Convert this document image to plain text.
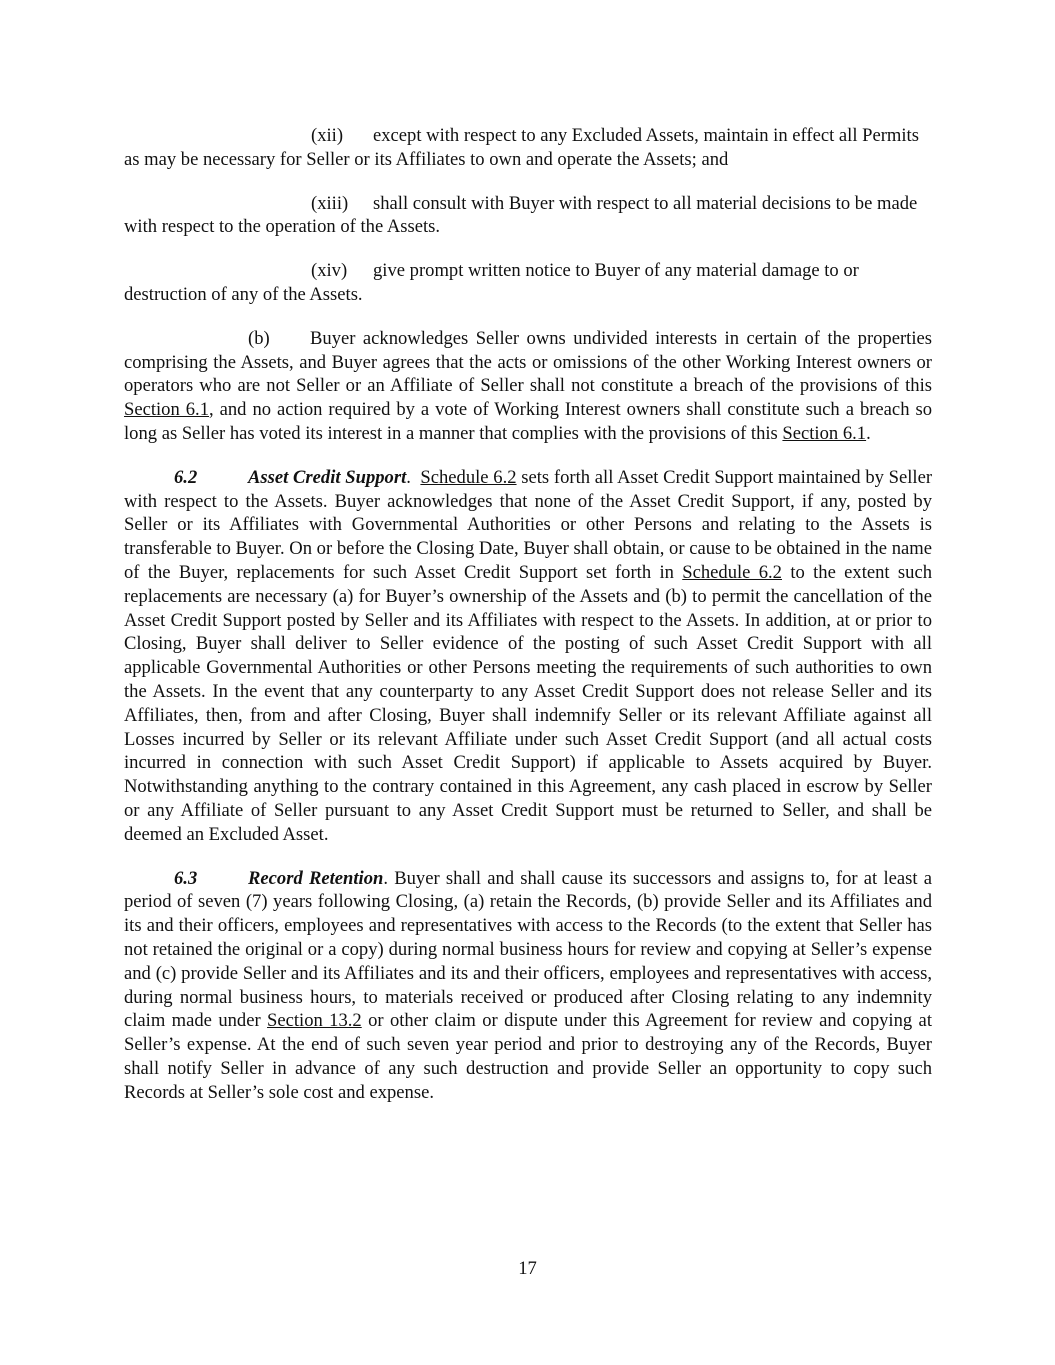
(xii) except with respect to any Excluded Assets, maintain in effect all Permits as may be necessary for Seller or its Affiliates to own and operate the Assets; and

(xiii) shall consult with Buyer with respect to all material decisions to be made with respect to the operation of the Assets.

(xiv) give prompt written notice to Buyer of any material damage to or destruction of any of the Assets.

(b) Buyer acknowledges Seller owns undivided interests in certain of the properties comprising the Assets, and Buyer agrees that the acts or omissions of the other Working Interest owners or operators who are not Seller or an Affiliate of Seller shall not constitute a breach of the provisions of this Section 6.1, and no action required by a vote of Working Interest owners shall constitute such a breach so long as Seller has voted its interest in a manner that complies with the provisions of this Section 6.1.

6.2	Asset Credit Support. Schedule 6.2 sets forth all Asset Credit Support maintained by Seller with respect to the Assets. Buyer acknowledges that none of the Asset Credit Support, if any, posted by Seller or its Affiliates with Governmental Authorities or other Persons and relating to the Assets is transferable to Buyer. On or before the Closing Date, Buyer shall obtain, or cause to be obtained in the name of the Buyer, replacements for such Asset Credit Support set forth in Schedule 6.2 to the extent such replacements are necessary (a) for Buyer’s ownership of the Assets and (b) to permit the cancellation of the Asset Credit Support posted by Seller and its Affiliates with respect to the Assets. In addition, at or prior to Closing, Buyer shall deliver to Seller evidence of the posting of such Asset Credit Support with all applicable Governmental Authorities or other Persons meeting the requirements of such authorities to own the Assets. In the event that any counterparty to any Asset Credit Support does not release Seller and its Affiliates, then, from and after Closing, Buyer shall indemnify Seller or its relevant Affiliate against all Losses incurred by Seller or its relevant Affiliate under such Asset Credit Support (and all actual costs incurred in connection with such Asset Credit Support) if applicable to Assets acquired by Buyer. Notwithstanding anything to the contrary contained in this Agreement, any cash placed in escrow by Seller or any Affiliate of Seller pursuant to any Asset Credit Support must be returned to Seller, and shall be deemed an Excluded Asset.

6.3	Record Retention. Buyer shall and shall cause its successors and assigns to, for at least a period of seven (7) years following Closing, (a) retain the Records, (b) provide Seller and its Affiliates and its and their officers, employees and representatives with access to the Records (to the extent that Seller has not retained the original or a copy) during normal business hours for review and copying at Seller’s expense and (c) provide Seller and its Affiliates and its and their officers, employees and representatives with access, during normal business hours, to materials received or produced after Closing relating to any indemnity claim made under Section 13.2 or other claim or dispute under this Agreement for review and copying at Seller’s expense. At the end of such seven year period and prior to destroying any of the Records, Buyer shall notify Seller in advance of any such destruction and provide Seller an opportunity to copy such Records at Seller’s sole cost and expense.

17
